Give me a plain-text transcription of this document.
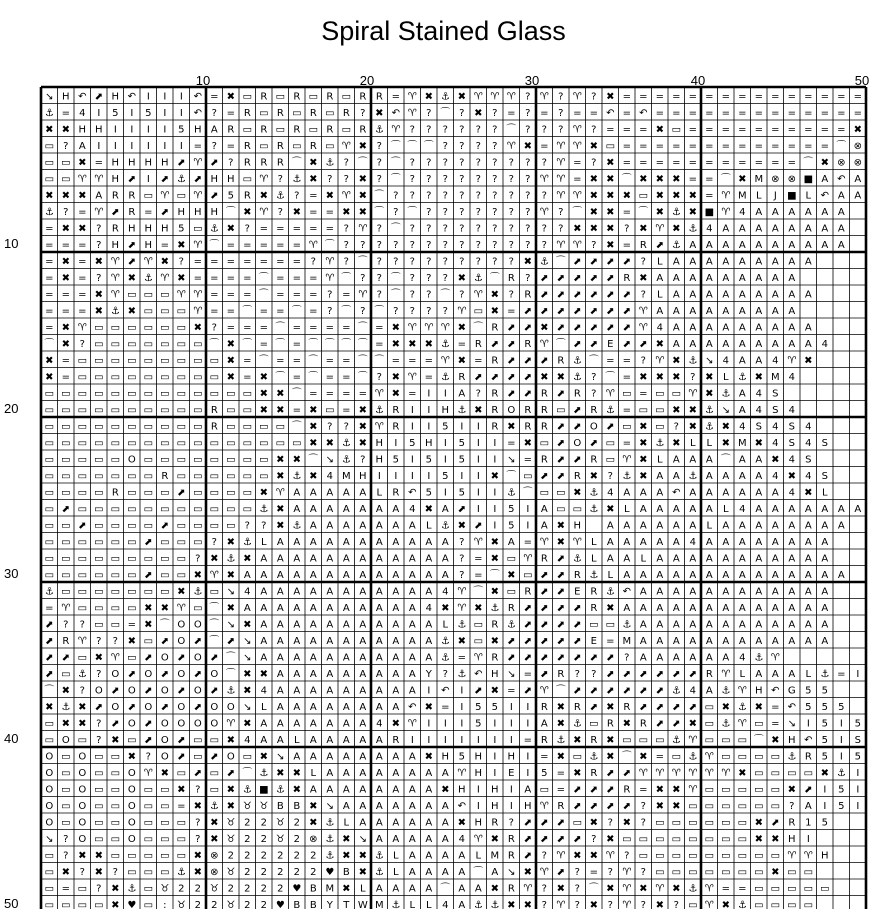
Spiral Stained Glass
10	20	30	40	50
10
20
30
40
50
↘ H ↶ ⬈ H ↶ I I I ↶ = ✖ ▭ R ▭ R ▭ R ▭ R R = ♈ ✖ ⚓ ✖ ♈ ♈ ♈ ? ♈ ? ♈ ? ✖ = = = = = = = = = = = = = = =
⚓ = 4 I 5 I 5 I I ↶ ? = R ▭ R ▭ R ▭ R ? ✖ ↶ ♈ ? ⌒ ? ✖ ? = ? = ? = = ↶ = ↶ = = = = = = = = = = = = =
✖ ✖ H H I I I I 5 H A R ▭ R ▭ R ▭ R ▭ R ⚓ ♈ ? ? ? ? ? ? ⌒ ? ? ? ♈ ? = = = ✖ ▭ = = = = = = = = = = ✖
▭ ? A I I I I I I = ? = R ▭ R ▭ R ▭ ♈ ✖ ? ⌒ ⌒ ⌒ ? ? ? ? ♈ ✖ = ♈ ♈ ✖ ▭ = = = = = = = = = = = = = ⌒ ⊗
▭ ▭ ✖ = H H H H ⬈ ♈ ⬈ ? R R R ⌒ ✖ ⚓ ? ⌒ ? ⌒ ? ? ? ? ? ? ? ? ? ♈ = ? ✖ = = = = = = = = = = = ⌒ ✖ ⊗ ⊗
▭ ▭ ♈ ♈ H ⬈ I ⬈ ⚓ ⬈ H H ▭ ♈ ? ⚓ ✖ ? ? ✖ ? ⌒ ? ? ? ? ? ? ? ? ♈ ♈ = ✖ ✖ ⌒ ✖ ✖ ✖ = = ⌒ ✖ M ⊗ ⊗ ■ A ↶ A
✖ ✖ ✖ A R R ▭ ♈ ▭ ♈ ⬈ 5 R ✖ ⚓ ? = ✖ ♈ ✖ ⌒ ? ? ? ? ? ? ? ? ? ? ♈ ♈ ✖ ✖ ✖ ▭ ✖ ✖ ✖ = ♈ M L J ■ L ↶ A A
⚓ ? = ♈ ⬈ R = ⬈ H H H ⌒ ✖ ♈ ? ✖ = = ✖ ✖ ⌒ ? ⌒ ? ? ? ? ? ? ? ♈ ? ⌒ ✖ ✖ = ⌒ ✖ ⚓ ✖ ■ ♈ 4 A A A A A A
= ✖ ✖ ? R H H H 5 ▭ ⚓ ✖ ? = = = = = ? ♈ ? ⌒ ? ? ? ? ? ? ? ? ? ? ✖ ✖ ✖ ? ✖ ♈ ✖ ⚓ 4 A A A A A A A A
= = = ? H ⬈ H = ✖ ♈ ⌒ = = = = = ♈ ⌒ ? ? ? ? ? ? ? ? ? ? ? ? ? ♈ ♈ ? ✖ = R ⬈ ⚓ A A A A A A A A A A
= ✖ = ✖ ♈ ⬈ ♈ ✖ ? = = = = = = = ? ♈ ? ⌒ ? ? ? ? ? ? ? ? ? ✖ ⚓ ⌒ ⬈ ⬈ ⬈ ⬈ ? L A A A A A A A A A
= ✖ = ? ♈ ✖ ⚓ ♈ ✖ = = = = ⌒ = = = ♈ ⌒ ? ? ⌒ ? ? ? ✖ ⚓ ⌒ R ? ⬈ ⬈ ⬈ ⬈ ⬈ R ✖ A A A A A A A A A
= = = ✖ ♈ ▭ ▭ ▭ ♈ ♈ = = = ⌒ = = = ? = ♈ ? ⌒ ? ? ⌒ ? ♈ ✖ ? R ⬈ ⬈ ⬈ ⬈ ⬈ ⬈ ? L A A A A A A A A A
= = = ✖ ⚓ ✖ ▭ ▭ ▭ ♈ = = ⌒ = = ⌒ = ? ⌒ ? ⌒ ? ? ? ? ♈ ▭ ✖ = ⬈ ⬈ ⬈ ⬈ ⬈ ⬈ ⬈ ♈ A A A A A A A A A
= ✖ ♈ ▭ ▭ ▭ ▭ ▭ ▭ ✖ ? = = = ⌒ = = = = ⌒ = ✖ ♈ ♈ ♈ ✖ ⌒ R ⬈ ⬈ ✖ ⬈ ⬈ ⬈ ⬈ ⬈ ♈ 4 A A A A A A A A A
⌒ ✖ ? ▭ ▭ ▭ ▭ ▭ ▭ ▭ ⌒ ✖ ⌒ = ⌒ = ⌒ ⌒ ⌒ ⌒ = ✖ ✖ ✖ ⚓ = R ⬈ ⬈ R ♈ ⌒ ⬈ ⬈ E ⬈ ⬈ ✖ A A A A A A A A A 4
✖ = ▭ ▭ ▭ ▭ ▭ ▭ ▭ ▭ ▭ ✖ = ⌒ = = ⌒ = = ⌒ ⌒ = = = ♈ ✖ = R ⬈ ⬈ ⬈ R ⚓ ⌒ = = ? ♈ ✖ ⚓ ↘ 4 A A 4 ♈ ✖
✖ = ▭ ▭ ▭ ▭ ▭ ▭ ▭ ▭ ▭ ✖ = ✖ ⌒ = ⌒ = = ⌒ ? ✖ ♈ = ⚓ R ⬈ ⬈ ⬈ ⬈ ✖ ✖ ⚓ ? ⌒ = ✖ ✖ ✖ ? ✖ L ⚓ ✖ M 4
▭ ▭ ▭ ▭ ▭ ▭ ▭ ▭ ▭ ▭ ▭ ▭ ▭ ✖ ✖ ⌒ = = = = ♈ ✖ = I I A ? R ⬈ ⬈ R ⬈ R ? ♈ ▭ = ▭ ▭ ♈ ✖ ⚓ A 4 S
▭ ▭ ▭ ▭ ▭ ▭ ▭ ▭ ▭ ▭ R ▭ ▭ ✖ ✖ = ✖ ▭ = ✖ ⚓ R I I H ⚓ ✖ R O R R ▭ ⬈ R ⚓ = ▭ ▭ ✖ ✖ ⚓ ↘ A 4 S 4
▭ ▭ ▭ ▭ ▭ ▭ ▭ ▭ ▭ ▭ R ▭ ▭ ▭ ▭ ⌒ ✖ ? ? ✖ ♈ R I I 5 I I R ✖ R R ⬈ ⬈ O ⬈ ▭ ✖ ▭ ? ✖ ⚓ ✖ 4 S 4 S 4
▭ ▭ ▭ ▭ ▭ ▭ ▭ ▭ ▭ ▭ ▭ ▭ ▭ ▭ ▭ ▭ ✖ ✖ ⚓ ✖ H I 5 H I 5 I I = ✖ ▭ ⬈ O ⬈ ▭ = ✖ ⚓ ✖ L L ✖ M ✖ 4 S 4 S
▭ ▭ ▭ ▭ ▭ O ▭ ▭ ▭ ▭ ▭ ▭ ▭ ▭ ✖ ✖ ⌒ ↘ ⚓ ? H 5 I 5 I 5 I I ↘ = R ⬈ ⬈ R ▭ ♈ ✖ L A A A ⌒ A A ✖ 4 S
▭ ▭ ▭ ▭ ▭ ▭ ▭ R ▭ ▭ ▭ ▭ ▭ ▭ ✖ ⚓ ✖ 4 M H I I I I 5 I I ✖ ⌒ ▭ ⬈ ⬈ R ✖ ? ⚓ ✖ A A ⚓ A A A A 4 ✖ 4 S
▭ ▭ ▭ ▭ R ▭ ▭ ▭ ⬈ ▭ ▭ ▭ ▭ ✖ ♈ A A A A A L R ↶ 5 I 5 I I ⚓ ⌒ ▭ ▭ ✖ ⚓ 4 A A A ↶ A A A A A A 4 ✖ L
▭ ⬈ ▭ ▭ ▭ ▭ ▭ ▭ ▭ ▭ ▭ ▭ ▭ ⚓ ✖ A A A A A A A 4 ✖ A ⬈ I I 5 I A ▭ ▭ ⚓ ✖ L A A A A A L 4 A A A A A A A
▭ ▭ ⬈ ▭ ▭ ▭ ▭ ⬈ ▭ ▭ ▭ ▭ ? ? ✖ ⚓ A A A A A A A L ⚓ ✖ ⬈ I 5 I A ✖ H	A A A A A A L A A A A A A A A
▭ ▭ ▭ ▭ ▭ ▭ ⬈ ▭ ▭ ▭ ? ✖ ⚓ L A A A A A A A A A A A ? ♈ ✖ A = ♈ ✖ ♈ L A A A A A 4 A A A A A A A A
▭ ▭ ▭ ▭ ▭ ▭ ▭ ▭ ▭ ? ✖ ⚓ ✖ A A A A A A A A A A A A ? = ✖ ▭ ♈ R ⬈ ⚓ L A A L A A A A A A A A A A A
▭ ▭ ▭ ▭ ▭ ▭ ⬈ ▭ ▭ ✖ ♈ ✖ A A A A A A A A A A A A A ? = ⌒ ✖ ▭ ⬈ ⬈ R ⚓ L A A A A A A A A A A A A A A
⚓ ▭ ▭ ▭ ▭ ▭ ▭ ▭ ✖ ⚓ ▭ ↘ 4 A A A A A A A A A A A 4 ♈ ⌒ ✖ ▭ R ⬈ ⬈ E R ⚓ ↶ A A A A A A A A A A A A
= ♈ ▭ ▭ ▭ ▭ ✖ ✖ ♈ ▭ ⌒ ✖ A A A A A A A A A A A 4 ✖ ♈ ✖ ⚓ R ⬈ ⬈ ⬈ ⬈ R ✖ A A A A A A A A A A A A A
⬈ ? ? ▭ ▭ = ✖ ⌒ O O ⌒ ↘ ✖ A A A A A A A A A A A L ⚓ ▭ R ⚓ ⬈ ⬈ ⬈ ⬈ ▭ ▭ ⚓ A A A A A A A A A A A A
⬈ R ♈ ? ? ✖ ▭ ⬈ O ⬈ ⌒ ⬈ ↘ A A A A A A A A A A A ⚓ ✖ ▭ ✖ ⬈ ⬈ ⬈ ⬈ ⬈ E = M A A A A A A A A A A A A
⬈ ⬈ ▭ ✖ ♈ ▭ ⬈ O ⬈ O ⬈ ⌒ ↘ A A A A A A A A A A A ⚓ = ♈ R ⬈ ⬈ ⬈ ⬈ ⬈ ⬈ ⬈ ? A A A A A A 4 ⚓ ♈
⬈ ▭ ⚓ ? O ⬈ O ⬈ O ⬈ O ⌒ ✖ ✖ A A A A A A A A A Y ? ⚓ ↶ H ↘ = ⬈ R ? ? ⬈ ⬈ ⬈ ⬈ ⬈ ⬈ R ♈ L A A A L ⚓ = I
⌒ ✖ ? O ⬈ O ⬈ O ⬈ O ⬈ ⚓ ✖ 4 A A A A A A A A A I ↶ I ⬈ ✖ = ⬈ ♈ ⌒ ⬈ ⬈ ⬈ ⬈ ⬈ ⬈ ⚓ 4 A ⚓ ♈ H ↶ G 5 5
✖ ⚓ ✖ ⬈ O ⬈ O ⬈ O ⬈ O O ↘ L A A A A A A A A ↶ ✖ = I 5 5 I I R ✖ R ⬈ ✖ R ⬈ ⬈ ⬈ ⬈ ▭ ✖ ⚓ ✖ = ↶ 5 5 5
▭ ✖ ✖ ? ⬈ O ⬈ O O O O ♈ ✖ A A A A A A A 4 ✖ ♈ I I I 5 I I I A ✖ ⚓ ▭ R ✖ R ⬈ ⬈ ✖ ▭ ⚓ ♈ ▭ = ↘ I 5 I 5
▭ O ▭ ? ✖ ▭ ⬈ O ⬈ ▭ ▭ ✖ 4 A A L A A A A A R I I I I I I I = R ⚓ ✖ R ✖ ▭ ▭ ▭ ⚓ ♈ ▭ ▭ ▭ ⌒ ✖ H ↶ 5 I S
O ▭ O ▭ ▭ ✖ ? O ⬈ ▭ ⬈ O ▭ ✖ ↘ A A A A A A A A ✖ H 5 H I H I = ✖ ▭ ⚓ ✖ ⌒ ✖ = ▭ ⚓ ♈ ▭ ▭ ▭ ▭ ⚓ R 5 I 5
O ▭ O ▭ ▭ O ♈ ✖ ▭ ⬈ ▭ ⬈ ⌒ ⚓ ✖ ✖ L A A A A A A A A ♈ H I E I 5 = ✖ R ⬈ ⬈ ♈ ♈ ♈ ♈ ♈ ♈ ✖ ▭ ▭ ▭ ▭ ✖ ⚓ I
O ▭ O ▭ ▭ O ▭ ▭ ✖ ? ▭ ✖ ⚓ ■ ⚓ ✖ A A A A A A A A ✖ H I H I A ▭ = ⬈ ⬈ ⬈ R = ✖ ✖ ♈ ▭ ▭ ▭ ▭ ▭ ✖ ⬈ I 5 I
O ▭ O ▭ ▭ O ▭ ▭ = ✖ ⚓ ✖ ♉ ♉ B B ✖ ↘ A A A A A A A ↶ I H I H ♈ R ⬈ ⬈ ⬈ ⬈ ? ✖ ✖ ▭ ▭ ▭ ▭ ▭ ▭ ? A I 5 I
O ▭ O ▭ ▭ O ▭ ▭ ▭ ? ✖ ♉ 2 2 ♉ 2 ✖ ⚓ L A A A A A A ✖ H R ? ⬈ ⬈ ⬈ ▭ ✖ ? ✖ ? ▭ ▭ ▭ ▭ ▭ ▭ ✖ ⬈ R 1 5
↘ ? O ▭ ▭ O ▭ ▭ ▭ ? ✖ ♉ 2 2 ♉ 2 ⊗ ⚓ ✖ ↘ A A A A A 4 ♈ ✖ R ⬈ ⬈ ⬈ ⬈ ? ✖ ▭ ▭ ▭ ▭ ▭ ▭ ▭ ▭ ✖ ✖ H I
▭ ? ✖ ✖ ▭ ▭ ▭ ▭ ▭ ✖ ⊗ 2 2 2 2 2 2 ⚓ ✖ ✖ ⚓ L A A A A L M R ⬈ ? ♈ ✖ ✖ ♈ ? ▭ ▭ ▭ ▭ ▭ ▭ ▭ ▭ ▭ ♈ ♈ H
▭ ✖ ? ✖ ? ▭ ▭ ▭ ⚓ ✖ ⊗ ♉ 2 2 2 2 2 ♥ B ✖ ⚓ L A A A A ⌒ A ↘ ✖ ♈ ⬈ ? = ? ♈ ? ▭ ▭ ▭ ▭ ▭ ▭ ▭ ✖ ▭ ▭
▭ = ▭ ? ✖ ⚓ ▭ ♉ 2 2 ♉ 2 2 2 2 ♥ B M ✖ L A A A A ⌒ A A ✖ R ♈ ? ✖ ? ⌒ ✖ ♈ ✖ ♈ ✖ ⚓ ♈ = = ▭ ▭ ▭ ▭ ▭
▭ ▭ ▭ ▭ ✖ ♥ ▭ : ♉ 2 2 ♉ 2 2 ♥ B B Y T W M ⚓ L L 4 A ⚓ ⚓ ✖ ✖ ? ♈ ? ✖ ? ♈ ? ✖ ? ▭ ♈ ✖ ⚓ ▭ ▭ ▭ ▭
